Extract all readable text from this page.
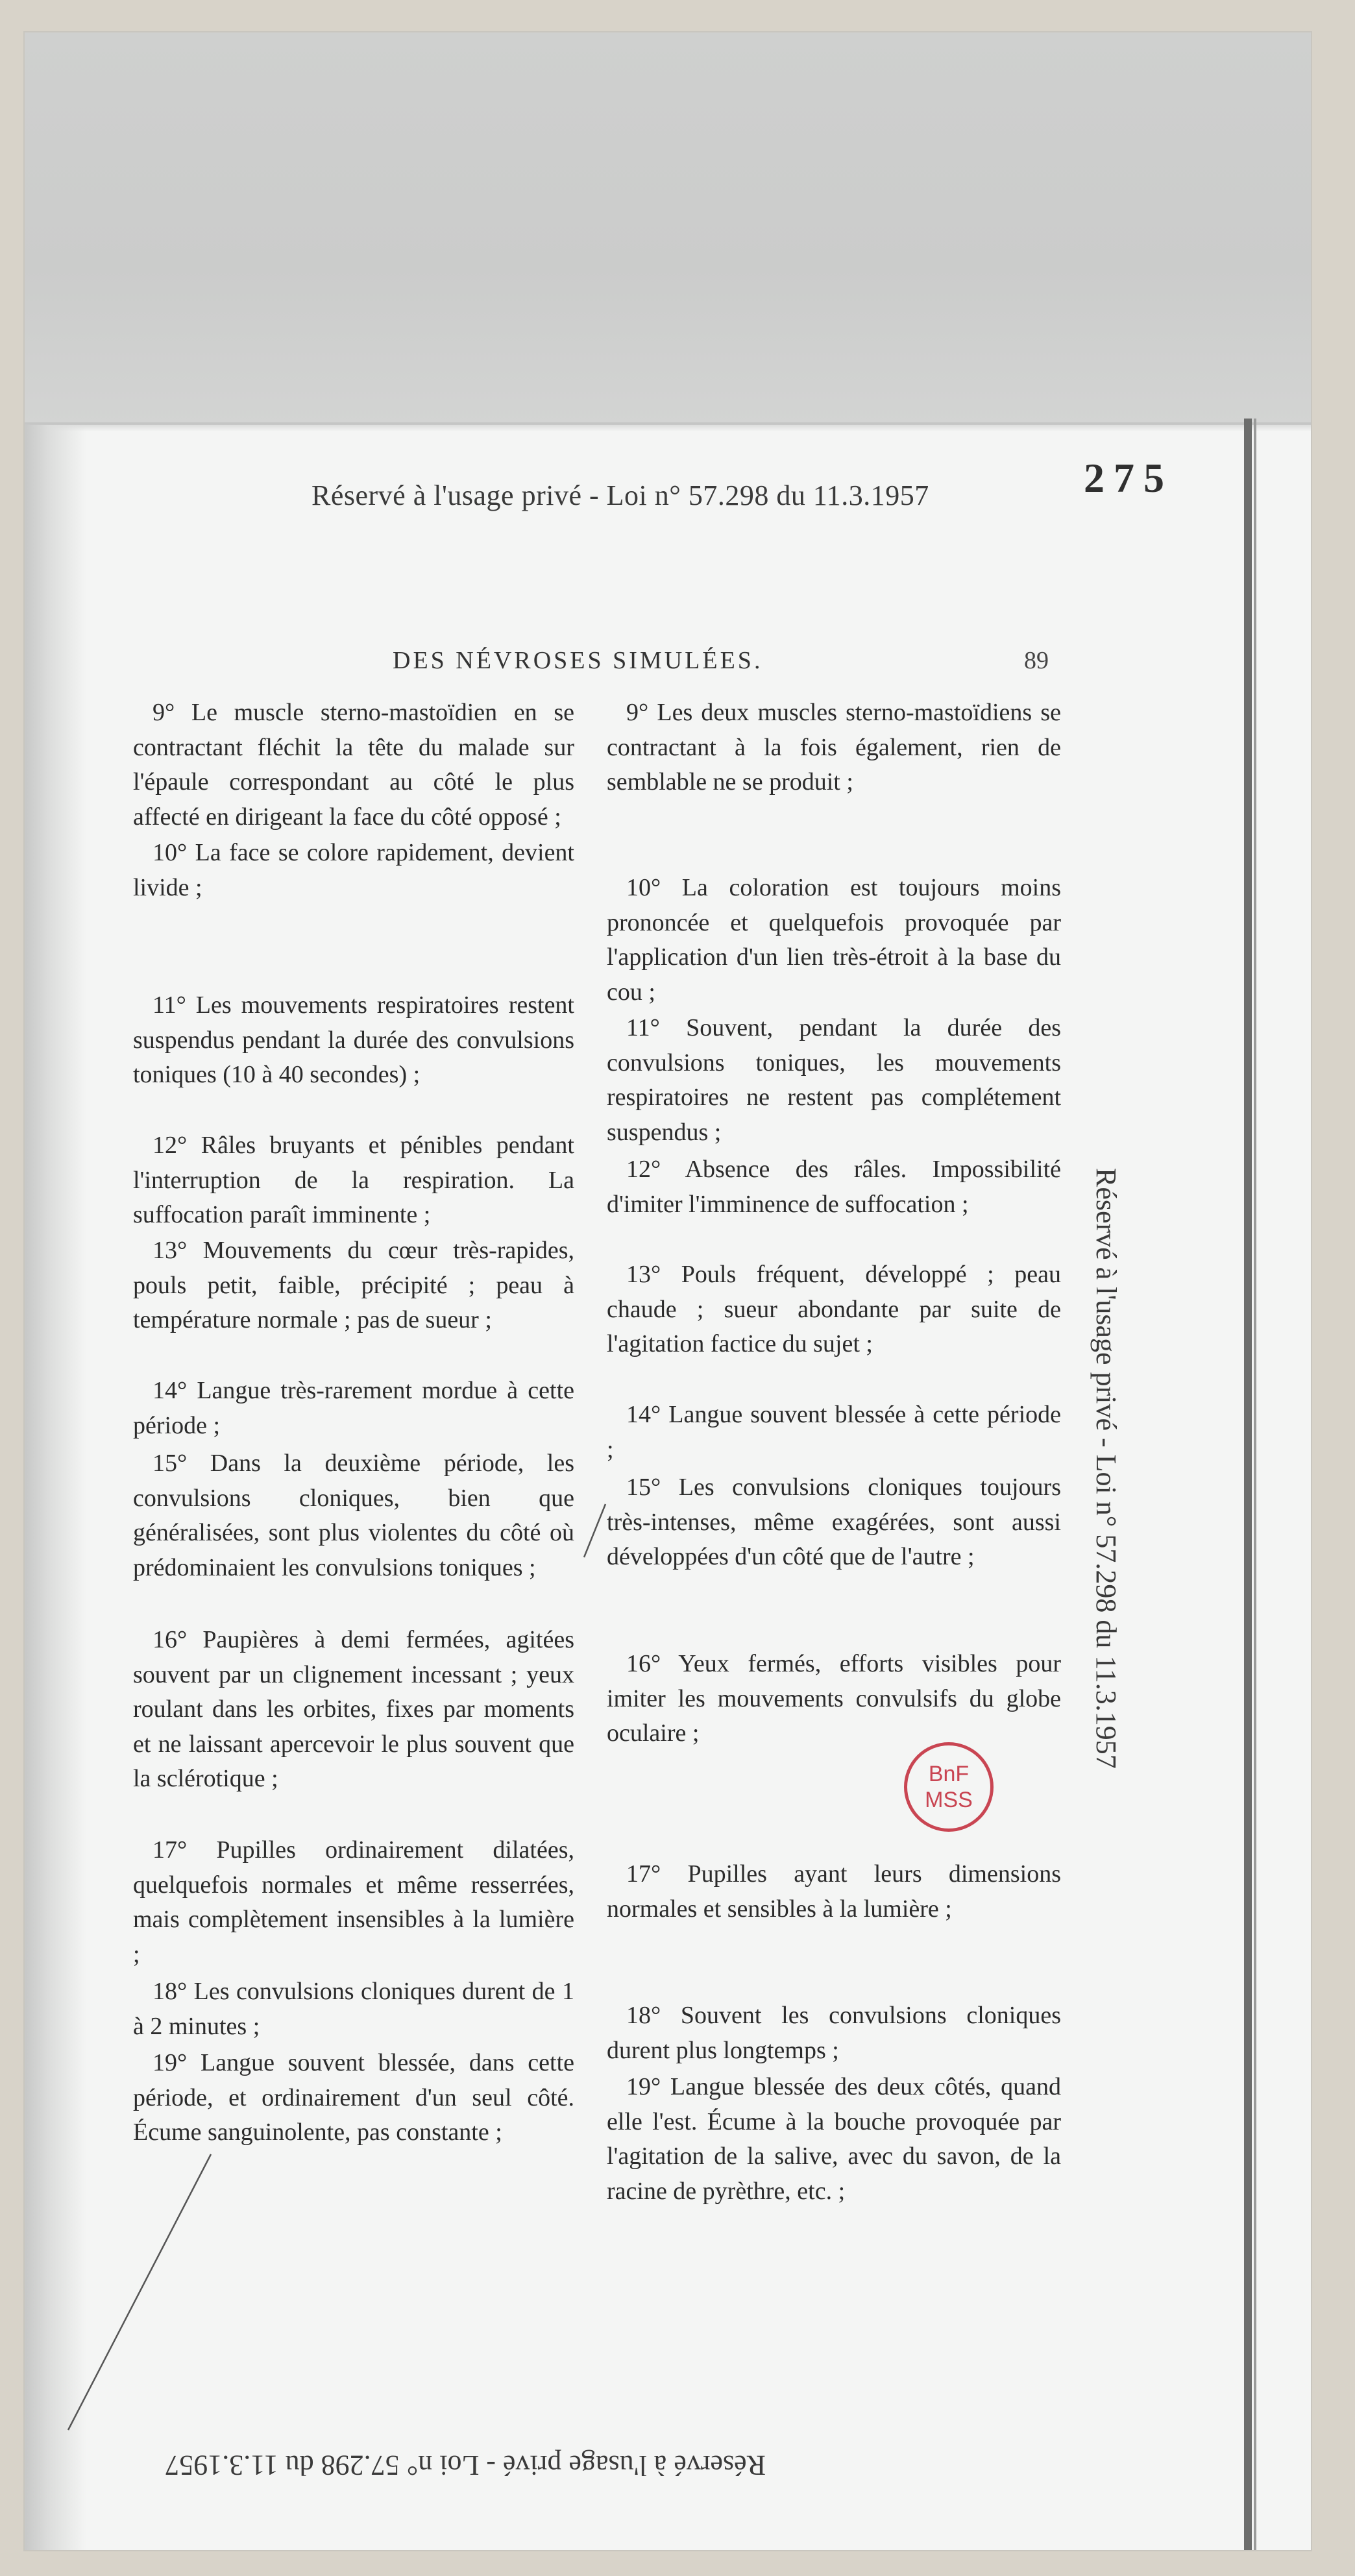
Réservé à l'usage privé - Loi n° 57.298 du 11.3.1957	275
DES NÉVROSES SIMULÉES.	89

9° Le muscle sterno-mastoïdien en se contractant fléchit la tête du malade sur l'épaule correspondant au côté le plus affecté en dirigeant la face du côté opposé ;

10° La face se colore rapidement, devient livide ;

11° Les mouvements respiratoires restent suspendus pendant la durée des convulsions toniques (10 à 40 secondes) ;

12° Râles bruyants et pénibles pendant l'interruption de la respiration. La suffocation paraît imminente ;

13° Mouvements du cœur très-rapides, pouls petit, faible, précipité ; peau à température normale ; pas de sueur ;

14° Langue très-rarement mordue à cette période ;

15° Dans la deuxième période, les convulsions cloniques, bien que généralisées, sont plus violentes du côté où prédominaient les convulsions toniques ;

16° Paupières à demi fermées, agitées souvent par un clignement incessant ; yeux roulant dans les orbites, fixes par moments et ne laissant apercevoir le plus souvent que la sclérotique ;

17° Pupilles ordinairement dilatées, quelquefois normales et même resserrées, mais complètement insensibles à la lumière ;

18° Les convulsions cloniques durent de 1 à 2 minutes ;

19° Langue souvent blessée, dans cette période, et ordinairement d'un seul côté. Écume sanguinolente, pas constante ;

9° Les deux muscles sterno-mastoïdiens se contractant à la fois également, rien de semblable ne se produit ;

10° La coloration est toujours moins prononcée et quelquefois provoquée par l'application d'un lien très-étroit à la base du cou ;

11° Souvent, pendant la durée des convulsions toniques, les mouvements respiratoires ne restent pas complétement suspendus ;

12° Absence des râles. Impossibilité d'imiter l'imminence de suffocation ;

13° Pouls fréquent, développé ; peau chaude ; sueur abondante par suite de l'agitation factice du sujet ;

14° Langue souvent blessée à cette période ;

15° Les convulsions cloniques toujours très-intenses, même exagérées, sont aussi développées d'un côté que de l'autre ;

16° Yeux fermés, efforts visibles pour imiter les mouvements convulsifs du globe oculaire ;

17° Pupilles ayant leurs dimensions normales et sensibles à la lumière ;

18° Souvent les convulsions cloniques durent plus longtemps ;

19° Langue blessée des deux côtés, quand elle l'est. Écume à la bouche provoquée par l'agitation de la salive, avec du savon, de la racine de pyrèthre, etc. ;

BnF
MSS
Réservé à l'usage privé - Loi n° 57.298 du 11.3.1957
Réservé à l'usage privé - Loi n° 57.298 du 11.3.1957
